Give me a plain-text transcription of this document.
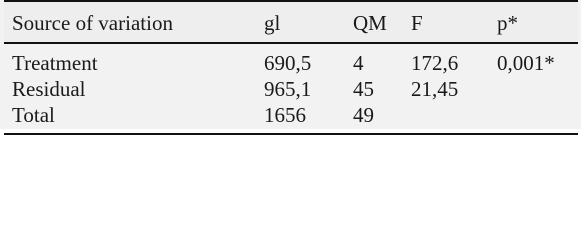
Source of variation	gl	QM	F	p*
Treatment	690,5	4	172,6	0,001*
Residual	965,1	45	21,45	
Total	1656	49		
